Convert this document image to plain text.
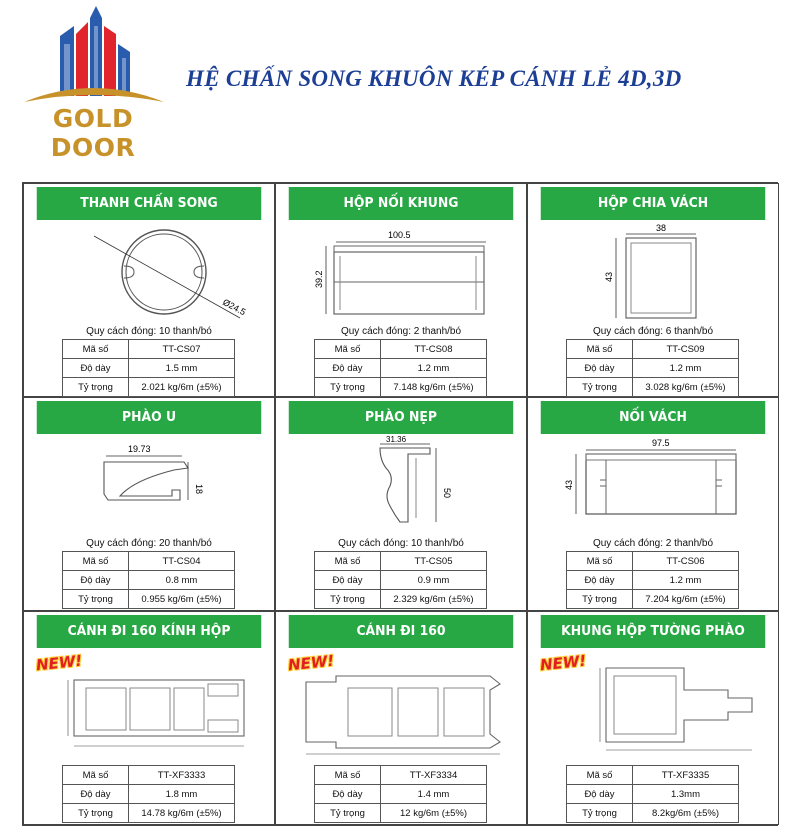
GOLD DOOR
HỆ CHẤN SONG KHUÔN KÉP CÁNH LẺ 4D,3D
THANH CHẤN SONG
Ø24.5
Quy cách đóng: 10 thanh/bó
Mã số	TT-CS07
Độ dày	1.5 mm
Tỷ trọng	2.021 kg/6m (±5%)
HỘP NỐI KHUNG
100.5
39.2
Quy cách đóng: 2 thanh/bó
Mã số	TT-CS08
Độ dày	1.2 mm
Tỷ trọng	7.148 kg/6m (±5%)
HỘP CHIA VÁCH
38
43
Quy cách đóng: 6 thanh/bó
Mã số	TT-CS09
Độ dày	1.2 mm
Tỷ trọng	3.028 kg/6m (±5%)
PHÀO U
19.73
18
Quy cách đóng: 20 thanh/bó
Mã số	TT-CS04
Độ dày	0.8 mm
Tỷ trọng	0.955 kg/6m (±5%)
PHÀO NẸP
31.36
50
Quy cách đóng: 10 thanh/bó
Mã số	TT-CS05
Độ dày	0.9 mm
Tỷ trọng	2.329 kg/6m (±5%)
NỐI VÁCH
97.5
43
Quy cách đóng: 2 thanh/bó
Mã số	TT-CS06
Độ dày	1.2 mm
Tỷ trọng	7.204 kg/6m (±5%)
CÁNH ĐI 160 KÍNH HỘP
NEW!
Mã số	TT-XF3333
Độ dày	1.8 mm
Tỷ trọng	14.78 kg/6m (±5%)
CÁNH ĐI 160
NEW!
Mã số	TT-XF3334
Độ dày	1.4 mm
Tỷ trọng	12 kg/6m (±5%)
KHUNG HỘP TƯỜNG PHÀO
NEW!
Mã số	TT-XF3335
Độ dày	1.3mm
Tỷ trọng	8.2kg/6m (±5%)
